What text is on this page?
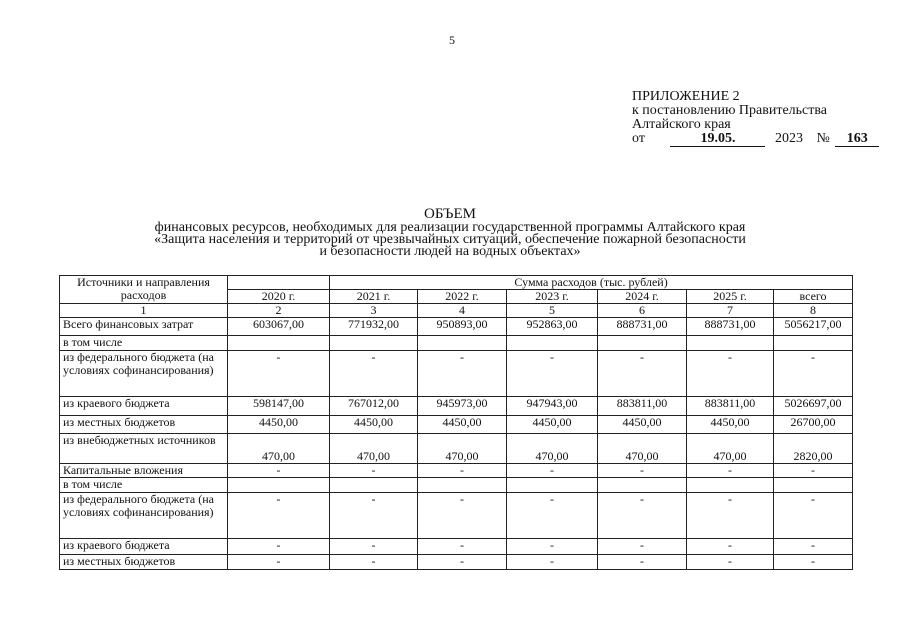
5
ПРИЛОЖЕНИЕ 2
к постановлению Правительства
Алтайского края
от	19.05.	2023 № 163
ОБЪЕМ
финансовых ресурсов, необходимых для реализации государственной программы Алтайского края
«Защита населения и территорий от чрезвычайных ситуаций, обеспечение пожарной безопасности
и безопасности людей на водных объектах»
Источники и направления расходов		Сумма расходов (тыс. рублей)					
	2020 г.	2021 г.	2022 г.	2023 г.	2024 г.	2025 г.	всего
1	2	3	4	5	6	7	8
Всего финансовых затрат	603067,00	771932,00	950893,00	952863,00	888731,00	888731,00	5056217,00
в том числе							
из федерального бюджета (на условиях софинансирования)	-	-	-	-	-	-	-
из краевого бюджета	598147,00	767012,00	945973,00	947943,00	883811,00	883811,00	5026697,00
из местных бюджетов	4450,00	4450,00	4450,00	4450,00	4450,00	4450,00	26700,00
из внебюджетных источников	470,00	470,00	470,00	470,00	470,00	470,00	2820,00
Капитальные вложения	-	-	-	-	-	-	-
в том числе							
из федерального бюджета (на условиях софинансирования)	-	-	-	-	-	-	-
из краевого бюджета	-	-	-	-	-	-	-
из местных бюджетов	-	-	-	-	-	-	-
